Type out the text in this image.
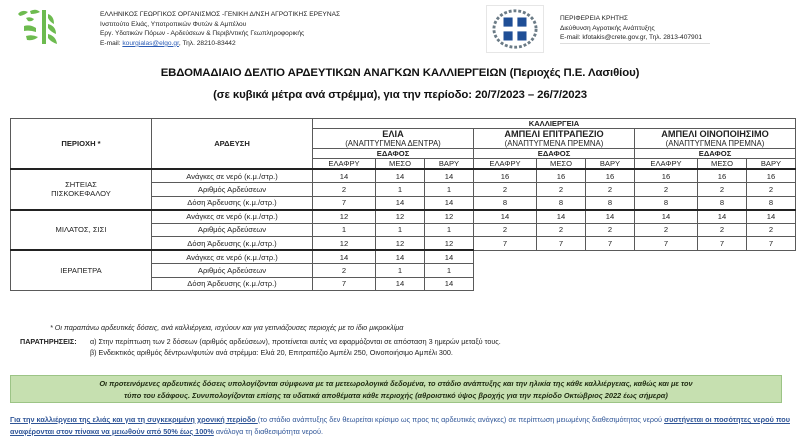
ΕΛΛΗΝΙΚΟΣ ΓΕΩΡΓΙΚΟΣ ΟΡΓΑΝΙΣΜΟΣ -ΓΕΝΙΚΗ Δ/ΝΣΗ ΑΓΡΟΤΙΚΗΣ ΕΡΕΥΝΑΣ
Ινστιτούτο Ελιάς, Υποτροπικών Φυτών & Αμπέλου
Εργ. Υδατικών Πόρων - Αρδεύσεων & Περιβ/ντικής Γεωπληροφορικής
E-mail: kourgialas@elgo.gr, Τηλ. 28210-83442
ΠΕΡΙΦΕΡΕΙΑ ΚΡΗΤΗΣ
Διεύθυνση Αγροτικής Ανάπτυξης
E-mail: kfotakis@crete.gov.gr, Τηλ. 2813-407901
ΕΒΔΟΜΑΔΙΑΙΟ ΔΕΛΤΙΟ ΑΡΔΕΥΤΙΚΩΝ ΑΝΑΓΚΩΝ ΚΑΛΛΙΕΡΓΕΙΩΝ (Περιοχές Π.Ε. Λασιθίου)
(σε κυβικά μέτρα ανά στρέμμα), για την περίοδο: 20/7/2023 – 26/7/2023
ΠΕΡΙΟΧΗ *	ΑΡΔΕΥΣΗ	ΚΑΛΛΙΕΡΓΕΙΑ								

		ΕΛΙΑ
(ΑΝΑΠΤΥΓΜΕΝΑ ΔΕΝΤΡΑ)			ΑΜΠΕΛΙ ΕΠΙΤΡΑΠΕΖΙΟ
(ΑΝΑΠΤΥΓΜΕΝΑ ΠΡΕΜΝΑ)			ΑΜΠΕΛΙ ΟΙΝΟΠΟΙΗΣΙΜΟ
(ΑΝΑΠΤΥΓΜΕΝΑ ΠΡΕΜΝΑ)		

		ΕΔΑΦΟΣ			ΕΔΑΦΟΣ			ΕΔΑΦΟΣ		
		ΕΛΑΦΡΥ	ΜΕΣΟ	ΒΑΡΥ	ΕΛΑΦΡΥ	ΜΕΣΟ	ΒΑΡΥ	ΕΛΑΦΡΥ	ΜΕΣΟ	ΒΑΡΥ

ΣΗΤΕΙΑΣ
ΠΙΣΚΟΚΕΦΑΛΟΥ	Ανάγκες σε νερό (κ.μ./στρ.)	14	14	14	16	16	16	16	16	16
	Αριθμός Αρδεύσεων	2	1	1	2	2	2	2	2	2
	Δόση Άρδευσης (κ.μ./στρ.)	7	14	14	8	8	8	8	8	8

ΜΙΛΑΤΟΣ, ΣΙΣΙ	Ανάγκες σε νερό (κ.μ./στρ.)	12	12	12	14	14	14	14	14	14
	Αριθμός Αρδεύσεων	1	1	1	2	2	2	2	2	2
	Δόση Άρδευσης (κ.μ./στρ.)	12	12	12	7	7	7	7	7	7

ΙΕΡΑΠΕΤΡΑ	Ανάγκες σε νερό (κ.μ./στρ.)	14	14	14						
	Αριθμός Αρδεύσεων	2	1	1						
	Δόση Άρδευσης (κ.μ./στρ.)	7	14	14						
* Οι παραπάνω αρδευτικές δόσεις, ανά καλλιέργεια, ισχύουν και για γειτνιάζουσες περιοχές με το ίδιο μικροκλίμα
ΠΑΡΑΤΗΡΗΣΕΙΣ: α) Στην περίπτωση των 2 δόσεων (αριθμός αρδεύσεων), προτείνεται αυτές να εφαρμόζονται σε απόσταση 3 ημερών μεταξύ τους.
β) Ενδεικτικός αριθμός δέντρων/φυτών ανά στρέμμα: Ελιά 20, Επιτραπέζιο Αμπέλι 250, Οινοποιήσιμο Αμπέλι 300.
Οι προτεινόμενες αρδευτικές δόσεις υπολογίζονται σύμφωνα με τα μετεωρολογικά δεδομένα, το στάδιο ανάπτυξης και την ηλικία της κάθε καλλιέργειας, καθώς και με τον
τύπο του εδάφους. Συνυπολογίζονται επίσης τα υδατικά αποθέματα κάθε περιοχής (αθροιστικό ύψος βροχής για την περίοδο Οκτώβριος 2022 έως σήμερα)
Για την καλλιέργεια της ελιάς και για τη συγκεκριμένη χρονική περίοδο (το στάδιο ανάπτυξης δεν θεωρείται κρίσιμο ως προς τις αρδευτικές ανάγκες) σε περίπτωση μειωμένης διαθεσιμότητας νερού συστήνεται οι ποσότητες νερού που αναφέρονται στον πίνακα να μειωθούν από 50% έως 100% ανάλογα τη διαθεσιμότητα νερού.
